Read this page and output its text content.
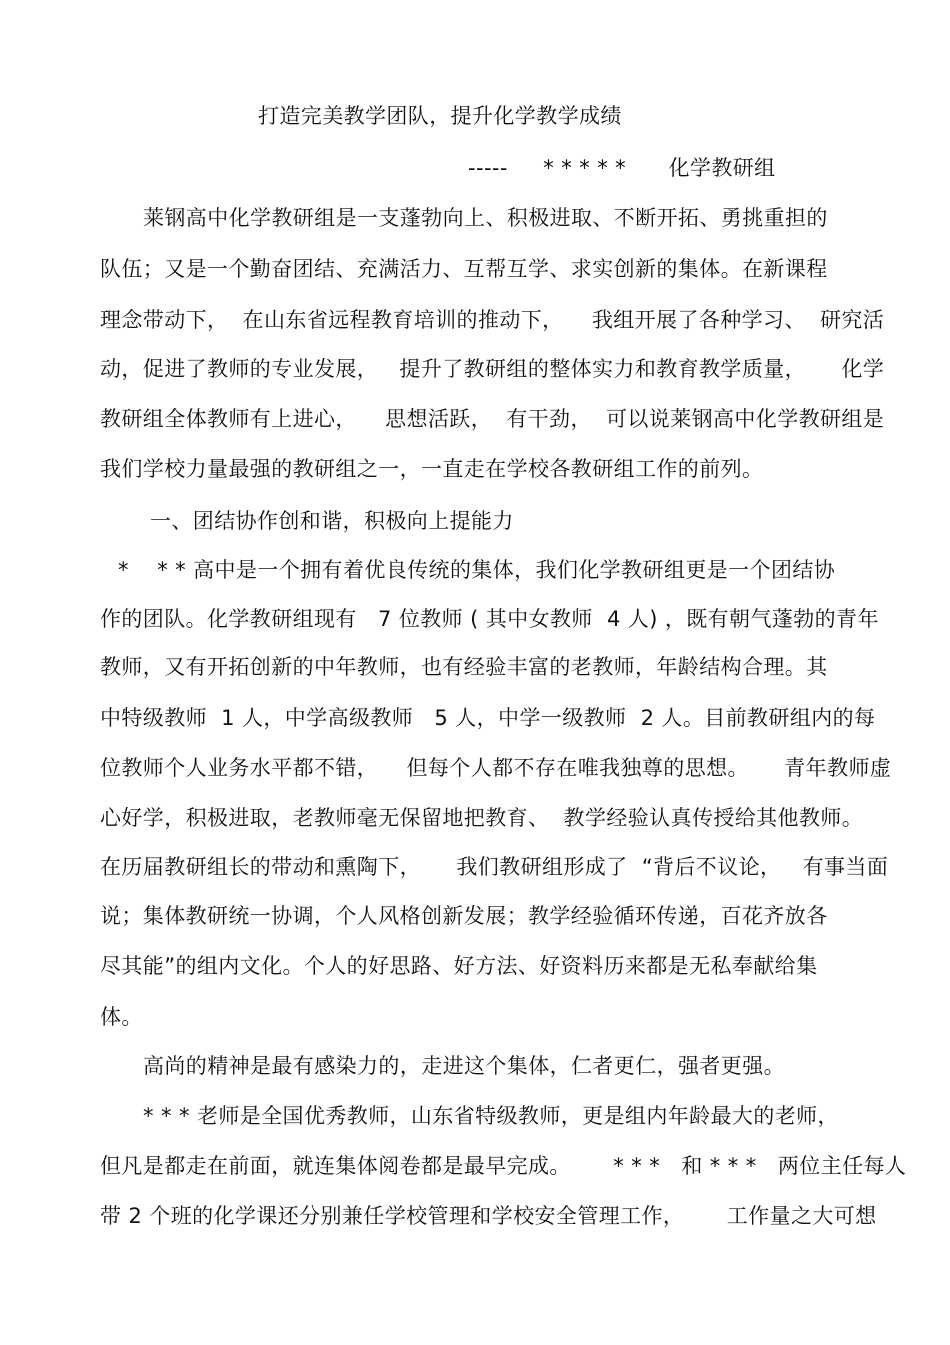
打造完美教学团队，提升化学教学成绩
-----     * * * * *      化学教研组
莱钢高中化学教研组是一支蓬勃向上、积极进取、不断开拓、勇挑重担的
队伍；又是一个勤奋团结、充满活力、互帮互学、求实创新的集体。在新课程
理念带动下，  在山东省远程教育培训的推动下，    我组开展了各种学习、  研究活
动，促进了教师的专业发展，   提升了教研组的整体实力和教育教学质量，     化学
教研组全体教师有上进心，    思想活跃，  有干劲，  可以说莱钢高中化学教研组是
我们学校力量最强的教研组之一，一直走在学校各教研组工作的前列。
一、团结协作创和谐，积极向上提能力
*    * * 高中是一个拥有着优良传统的集体，我们化学教研组更是一个团结协
作的团队。化学教研组现有   7 位教师 ( 其中女教师  4 人) ，既有朝气蓬勃的青年
教师，又有开拓创新的中年教师，也有经验丰富的老教师，年龄结构合理。其
中特级教师  1 人，中学高级教师   5 人，中学一级教师  2 人。目前教研组内的每
位教师个人业务水平都不错，    但每个人都不存在唯我独尊的思想。     青年教师虚
心好学，积极进取，老教师毫无保留地把教育、  教学经验认真传授给其他教师。
在历届教研组长的带动和熏陶下，     我们教研组形成了  “背后不议论，   有事当面
说；集体教研统一协调，个人风格创新发展；教学经验循环传递，百花齐放各
尽其能”的组内文化。个人的好思路、好方法、好资料历来都是无私奉献给集
体。
高尚的精神是最有感染力的，走进这个集体，仁者更仁，强者更强。
* * * 老师是全国优秀教师，山东省特级教师，更是组内年龄最大的老师，
但凡是都走在前面，就连集体阅卷都是最早完成。      * * *   和 * * *   两位主任每人
带 2 个班的化学课还分别兼任学校管理和学校安全管理工作，      工作量之大可想
